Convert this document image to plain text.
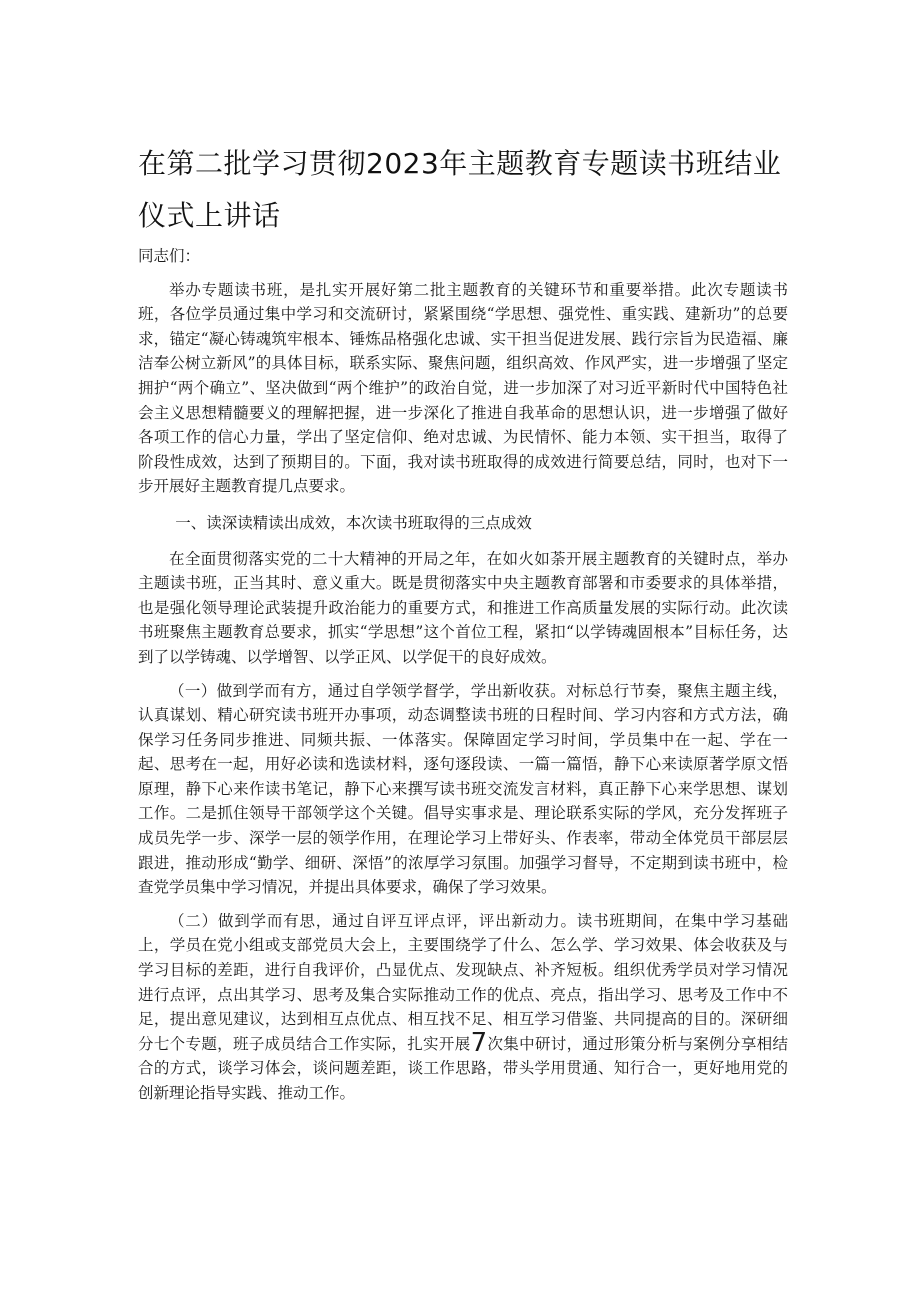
在第二批学习贯彻2023年主题教育专题读书班结业仪式上讲话

同志们：

举办专题读书班，是扎实开展好第二批主题教育的关键环节和重要举措。此次专题读书班，各位学员通过集中学习和交流研讨，紧紧围绕“学思想、强党性、重实践、建新功”的总要求，锚定“凝心铸魂筑牢根本、锤炼品格强化忠诚、实干担当促进发展、践行宗旨为民造福、廉洁奉公树立新风”的具体目标，联系实际、聚焦问题，组织高效、作风严实，进一步增强了坚定拥护“两个确立”、坚决做到“两个维护”的政治自觉，进一步加深了对习近平新时代中国特色社会主义思想精髓要义的理解把握，进一步深化了推进自我革命的思想认识，进一步增强了做好各项工作的信心力量，学出了坚定信仰、绝对忠诚、为民情怀、能力本领、实干担当，取得了阶段性成效，达到了预期目的。下面，我对读书班取得的成效进行简要总结，同时，也对下一步开展好主题教育提几点要求。

一、读深读精读出成效，本次读书班取得的三点成效

在全面贯彻落实党的二十大精神的开局之年，在如火如荼开展主题教育的关键时点，举办主题读书班，正当其时、意义重大。既是贯彻落实中央主题教育部署和市委要求的具体举措，也是强化领导理论武装提升政治能力的重要方式，和推进工作高质量发展的实际行动。此次读书班聚焦主题教育总要求，抓实“学思想”这个首位工程，紧扣“以学铸魂固根本”目标任务，达到了以学铸魂、以学增智、以学正风、以学促干的良好成效。

（一）做到学而有方，通过自学领学督学，学出新收获。对标总行节奏，聚焦主题主线，认真谋划、精心研究读书班开办事项，动态调整读书班的日程时间、学习内容和方式方法，确保学习任务同步推进、同频共振、一体落实。保障固定学习时间，学员集中在一起、学在一起、思考在一起，用好必读和选读材料，逐句逐段读、一篇一篇悟，静下心来读原著学原文悟原理，静下心来作读书笔记，静下心来撰写读书班交流发言材料，真正静下心来学思想、谋划工作。二是抓住领导干部领学这个关键。倡导实事求是、理论联系实际的学风，充分发挥班子成员先学一步、深学一层的领学作用，在理论学习上带好头、作表率，带动全体党员干部层层跟进，推动形成“勤学、细研、深悟”的浓厚学习氛围。加强学习督导，不定期到读书班中，检查党学员集中学习情况，并提出具体要求，确保了学习效果。

（二）做到学而有思，通过自评互评点评，评出新动力。读书班期间，在集中学习基础上，学员在党小组或支部党员大会上，主要围绕学了什么、怎么学、学习效果、体会收获及与学习目标的差距，进行自我评价，凸显优点、发现缺点、补齐短板。组织优秀学员对学习情况进行点评，点出其学习、思考及集合实际推动工作的优点、亮点，指出学习、思考及工作中不足，提出意见建议，达到相互点优点、相互找不足、相互学习借鉴、共同提高的目的。深研细分七个专题，班子成员结合工作实际，扎实开展7次集中研讨，通过形策分析与案例分享相结合的方式，谈学习体会，谈问题差距，谈工作思路，带头学用贯通、知行合一，更好地用党的创新理论指导实践、推动工作。
